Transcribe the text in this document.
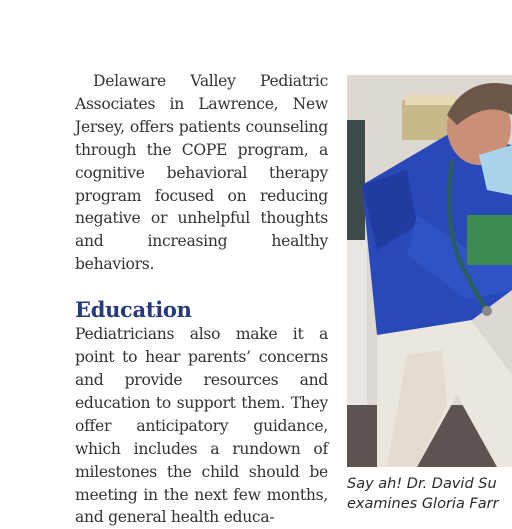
Delaware Valley Pediatric Associates in Lawrence, New Jersey, offers patients counseling through the COPE program, a cognitive behavioral therapy program focused on reducing negative or unhelpful thoughts and increasing healthy behaviors.

Education

Pediatricians also make it a point to hear parents’ concerns and provide resources and education to support them. They offer anticipatory guidance, which includes a rundown of milestones the child should be meeting in the next few months, and general health educa-

Say ah! Dr. David Su
examines Gloria Farr
